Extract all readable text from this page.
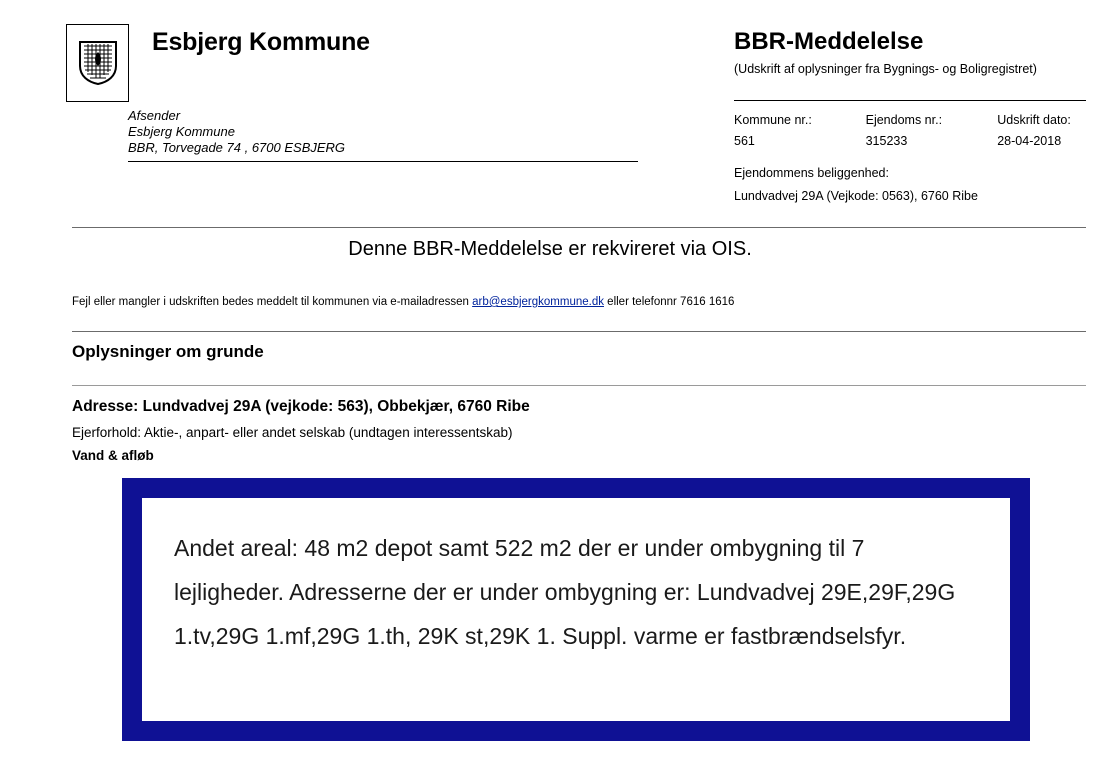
Esbjerg Kommune
Afsender
Esbjerg Kommune
BBR, Torvegade 74 , 6700 ESBJERG
BBR-Meddelelse
(Udskrift af oplysninger fra Bygnings- og Boligregistret)
Kommune nr.:	Ejendoms nr.:	Udskrift dato:
561	315233	28-04-2018
Ejendommens beliggenhed:
Lundvadvej 29A (Vejkode: 0563), 6760 Ribe
Denne BBR-Meddelelse er rekvireret via OIS.
Fejl eller mangler i udskriften bedes meddelt til kommunen via e-mailadressen arb@esbjergkommune.dk eller telefonnr 7616 1616
Oplysninger om grunde
Adresse: Lundvadvej 29A (vejkode: 563), Obbekjær, 6760 Ribe
Ejerforhold: Aktie-, anpart- eller andet selskab (undtagen interessentskab)
Vand & afløb
Andet areal: 48 m2 depot samt 522 m2 der er under ombygning til 7 lejligheder. Adresserne der er under ombygning er: Lundvadvej 29E,29F,29G 1.tv,29G 1.mf,29G 1.th, 29K st,29K 1. Suppl. varme er fastbrændselsfyr.
